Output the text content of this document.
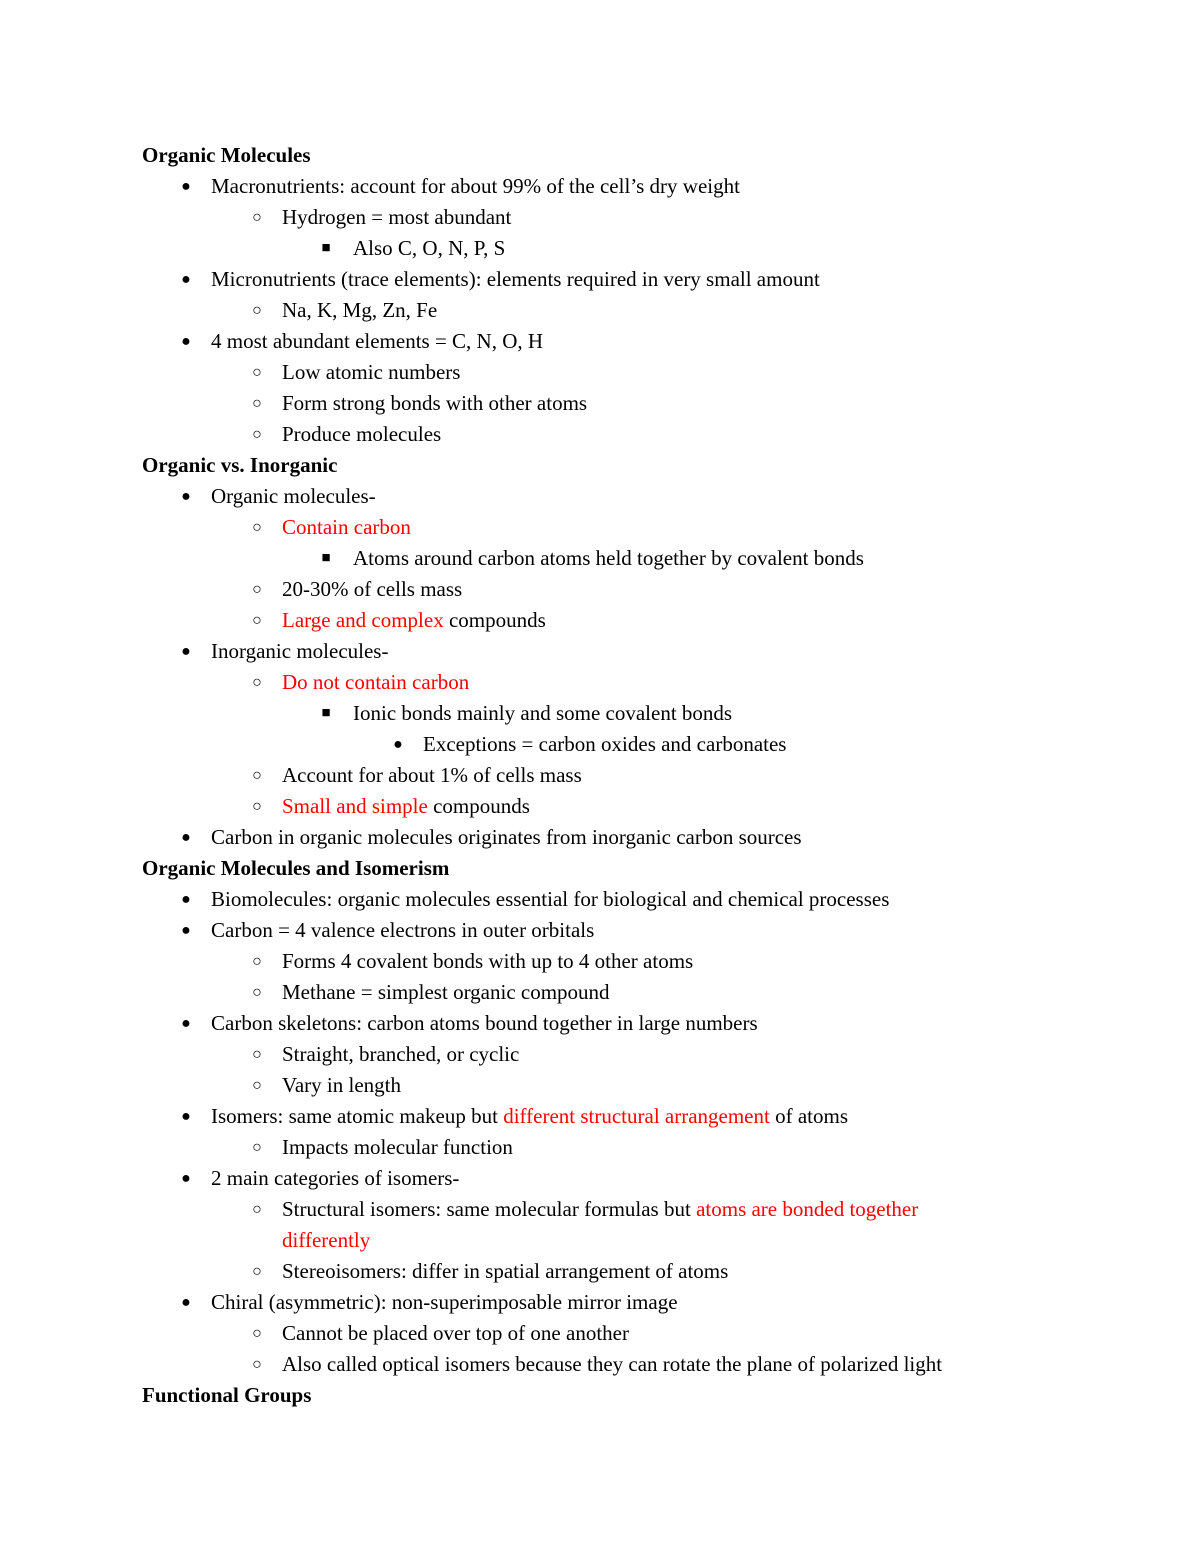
Organic Molecules
● Macronutrients: account for about 99% of the cell’s dry weight
○ Hydrogen = most abundant
■ Also C, O, N, P, S
● Micronutrients (trace elements): elements required in very small amount
○ Na, K, Mg, Zn, Fe
● 4 most abundant elements = C, N, O, H
○ Low atomic numbers
○ Form strong bonds with other atoms
○ Produce molecules
Organic vs. Inorganic
● Organic molecules-
○ Contain carbon
■ Atoms around carbon atoms held together by covalent bonds
○ 20-30% of cells mass
○ Large and complex compounds
● Inorganic molecules-
○ Do not contain carbon
■ Ionic bonds mainly and some covalent bonds
● Exceptions = carbon oxides and carbonates
○ Account for about 1% of cells mass
○ Small and simple compounds
● Carbon in organic molecules originates from inorganic carbon sources
Organic Molecules and Isomerism
● Biomolecules: organic molecules essential for biological and chemical processes
● Carbon = 4 valence electrons in outer orbitals
○ Forms 4 covalent bonds with up to 4 other atoms
○ Methane = simplest organic compound
● Carbon skeletons: carbon atoms bound together in large numbers
○ Straight, branched, or cyclic
○ Vary in length
● Isomers: same atomic makeup but different structural arrangement of atoms
○ Impacts molecular function
● 2 main categories of isomers-
○ Structural isomers: same molecular formulas but atoms are bonded together
differently
○ Stereoisomers: differ in spatial arrangement of atoms
● Chiral (asymmetric): non-superimposable mirror image
○ Cannot be placed over top of one another
○ Also called optical isomers because they can rotate the plane of polarized light
Functional Groups
